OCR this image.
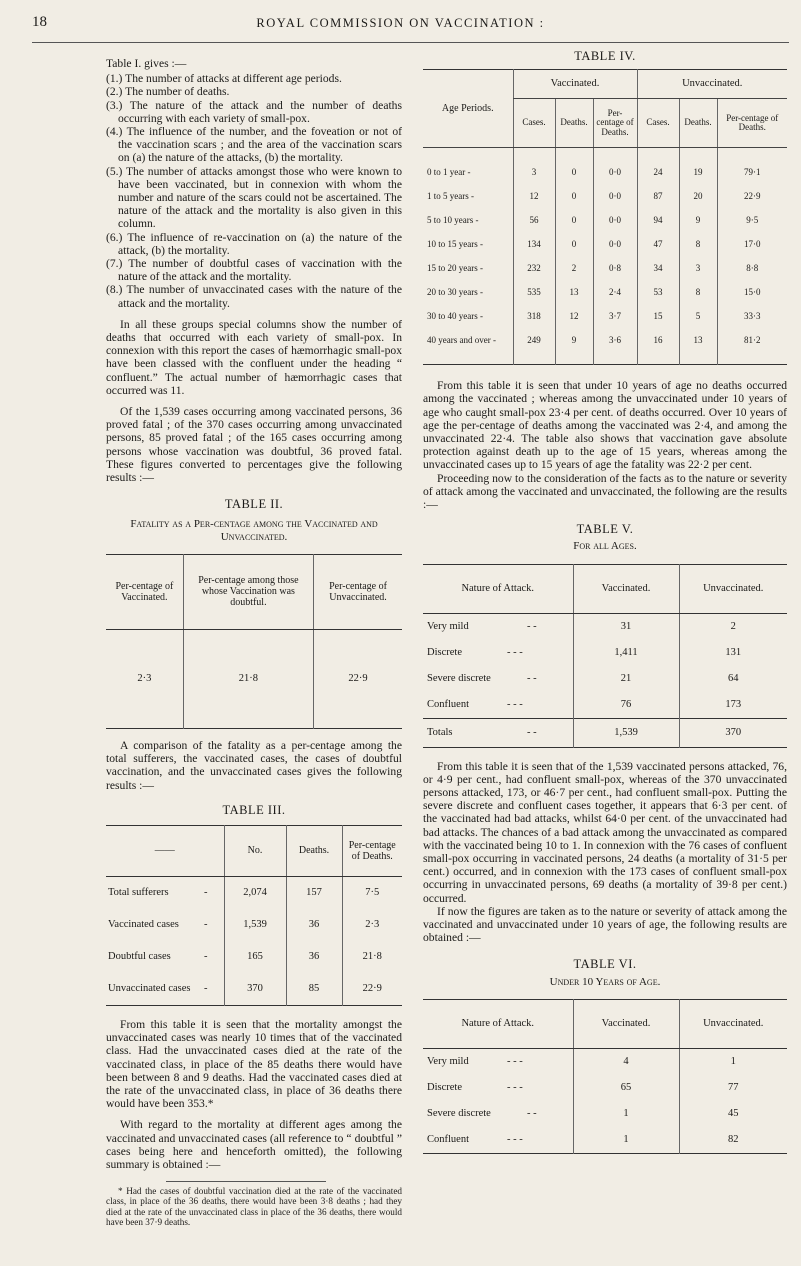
18	ROYAL COMMISSION ON VACCINATION :

Table I. gives :—

(1.) The number of attacks at different age periods.

(2.) The number of deaths.

(3.) The nature of the attack and the number of deaths occurring with each variety of small-pox.

(4.) The influence of the number, and the foveation or not of the vaccination scars ; and the area of the vaccination scars on (a) the nature of the attacks, (b) the mortality.

(5.) The number of attacks amongst those who were known to have been vaccinated, but in connexion with whom the number and nature of the scars could not be ascertained. The nature of the attack and the mortality is also given in this column.

(6.) The influence of re-vaccination on (a) the nature of the attack, (b) the mortality.

(7.) The number of doubtful cases of vaccination with the nature of the attack and the mortality.

(8.) The number of unvaccinated cases with the nature of the attack and the mortality.

In all these groups special columns show the number of deaths that occurred with each variety of small-pox. In connexion with this report the cases of hæmorrhagic small-pox have been classed with the confluent under the heading “ confluent.” The actual number of hæmorrhagic cases that occurred was 11.

Of the 1,539 cases occurring among vaccinated persons, 36 proved fatal ; of the 370 cases occurring among unvaccinated persons, 85 proved fatal ; of the 165 cases occurring among persons whose vaccination was doubtful, 36 proved fatal. These figures converted to percentages give the following results :—

TABLE II.
Fatality as a Per-centage among the Vaccinated and Unvaccinated.
Per-centage of Vaccinated.	Per-centage among those whose Vaccination was doubtful.	Per-centage of Unvaccinated.
2·3	21·8	22·9

A comparison of the fatality as a per-centage among the total sufferers, the vaccinated cases, the cases of doubtful vaccination, and the unvaccinated cases gives the following results :—

TABLE III.
——	No.	Deaths.	Per-centage of Deaths.
Total sufferers -	2,074	157	7·5
Vaccinated cases -	1,539	36	2·3
Doubtful cases -	165	36	21·8
Unvaccinated cases -	370	85	22·9

From this table it is seen that the mortality amongst the unvaccinated cases was nearly 10 times that of the vaccinated class. Had the unvaccinated cases died at the rate of the vaccinated class, in place of the 85 deaths there would have been between 8 and 9 deaths. Had the vaccinated cases died at the rate of the unvaccinated class, in place of 36 deaths there would have been 353.*

With regard to the mortality at different ages among the vaccinated and unvaccinated cases (all reference to “ doubtful ” cases being here and henceforth omitted), the following summary is obtained :—

* Had the cases of doubtful vaccination died at the rate of the vaccinated class, in place of the 36 deaths, there would have been 3·8 deaths ; had they died at the rate of the unvaccinated class in place of the 36 deaths, there would have been 37·9 deaths.

TABLE IV.
Age Periods.	Vaccinated.			Unvaccinated.		
	Cases.	Deaths.	Per-centage of Deaths.	Cases.	Deaths.	Per-centage of Deaths.

0 to 1 year -	3	0	0·0	24	19	79·1
1 to 5 years -	12	0	0·0	87	20	22·9
5 to 10 years -	56	0	0·0	94	9	9·5
10 to 15 years -	134	0	0·0	47	8	17·0
15 to 20 years -	232	2	0·8	34	3	8·8
20 to 30 years -	535	13	2·4	53	8	15·0
30 to 40 years -	318	12	3·7	15	5	33·3
40 years and over -	249	9	3·6	16	13	81·2

From this table it is seen that under 10 years of age no deaths occurred among the vaccinated ; whereas among the unvaccinated under 10 years of age who caught small-pox 23·4 per cent. of deaths occurred. Over 10 years of age the per-centage of deaths among the vaccinated was 2·4, and among the unvaccinated 22·4. The table also shows that vaccination gave absolute protection against death up to the age of 15 years, whereas among the unvaccinated cases up to 15 years of age the fatality was 22·2 per cent.

Proceeding now to the consideration of the facts as to the nature or severity of attack among the vaccinated and unvaccinated, the following are the results :—

TABLE V.
For all Ages.
Nature of Attack.	Vaccinated.	Unvaccinated.
Very mild - -	31	2
Discrete - - -	1,411	131
Severe discrete - -	21	64
Confluent - - -	76	173
Totals - -	1,539	370

From this table it is seen that of the 1,539 vaccinated persons attacked, 76, or 4·9 per cent., had confluent small-pox, whereas of the 370 unvaccinated persons attacked, 173, or 46·7 per cent., had confluent small-pox. Putting the severe discrete and confluent cases together, it appears that 6·3 per cent. of the vaccinated had bad attacks, whilst 64·0 per cent. of the unvaccinated had bad attacks. The chances of a bad attack among the unvaccinated as compared with the vaccinated being 10 to 1. In connexion with the 76 cases of confluent small-pox occurring in vaccinated persons, 24 deaths (a mortality of 31·5 per cent.) occurred, and in connexion with the 173 cases of confluent small-pox occurring in unvaccinated persons, 69 deaths (a mortality of 39·8 per cent.) occurred.

If now the figures are taken as to the nature or severity of attack among the vaccinated and unvaccinated under 10 years of age, the following results are obtained :—

TABLE VI.
Under 10 Years of Age.
Nature of Attack.	Vaccinated.	Unvaccinated.
Very mild - - -	4	1
Discrete - - -	65	77
Severe discrete - -	1	45
Confluent - - -	1	82
